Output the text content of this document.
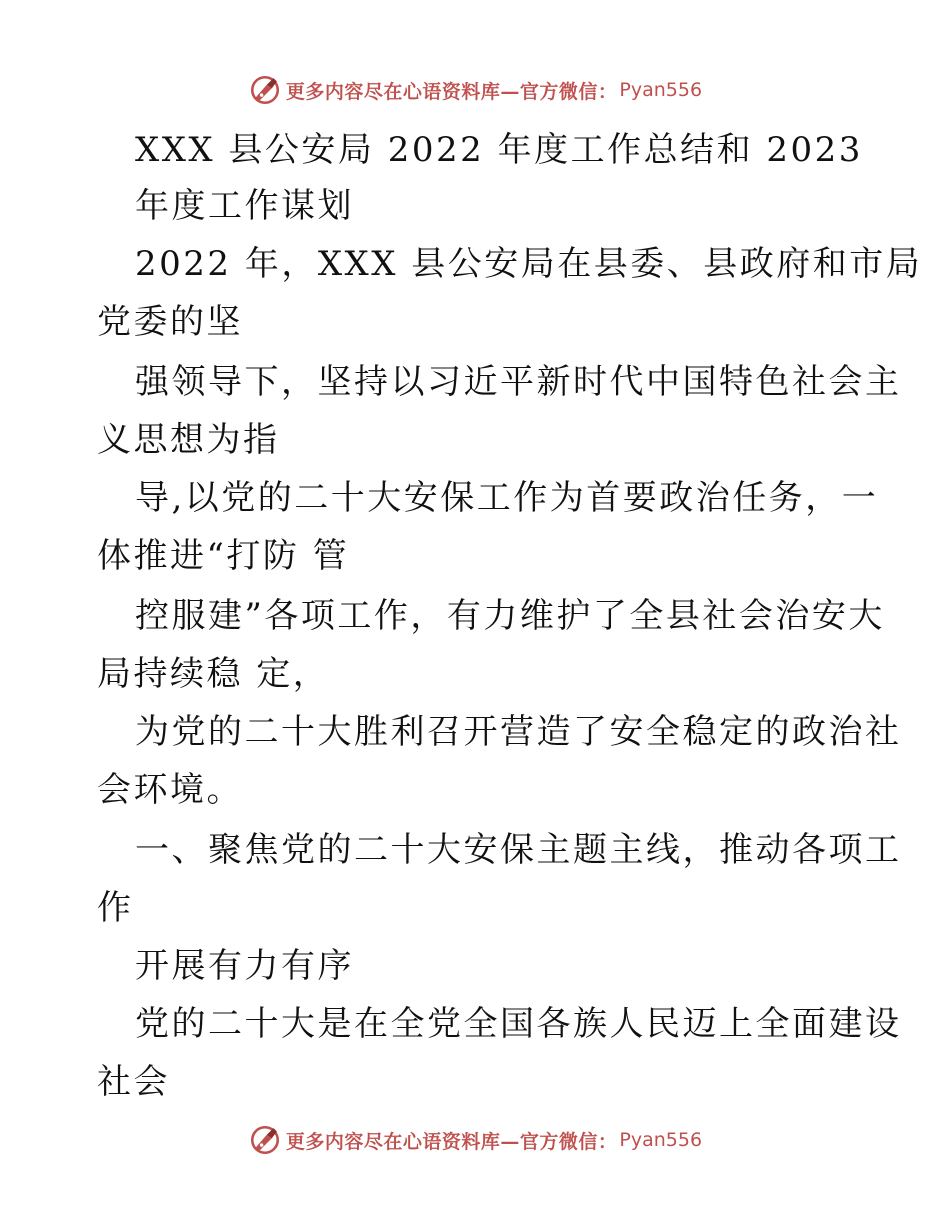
更多内容尽在心语资料库—官方微信： Pyan556
XXX 县公安局 2022 年度工作总结和 2023
年度工作谋划
2022 年，XXX 县公安局在县委、县政府和市局
党委的坚
强领导下，坚持以习近平新时代中国特色社会主
义思想为指
导,以党的二十大安保工作为首要政治任务，一
体推进“打防 管
控服建”各项工作，有力维护了全县社会治安大
局持续稳 定，
为党的二十大胜利召开营造了安全稳定的政治社
会环境。
一、聚焦党的二十大安保主题主线，推动各项工
作
开展有力有序
党的二十大是在全党全国各族人民迈上全面建设
社会
更多内容尽在心语资料库—官方微信： Pyan556
